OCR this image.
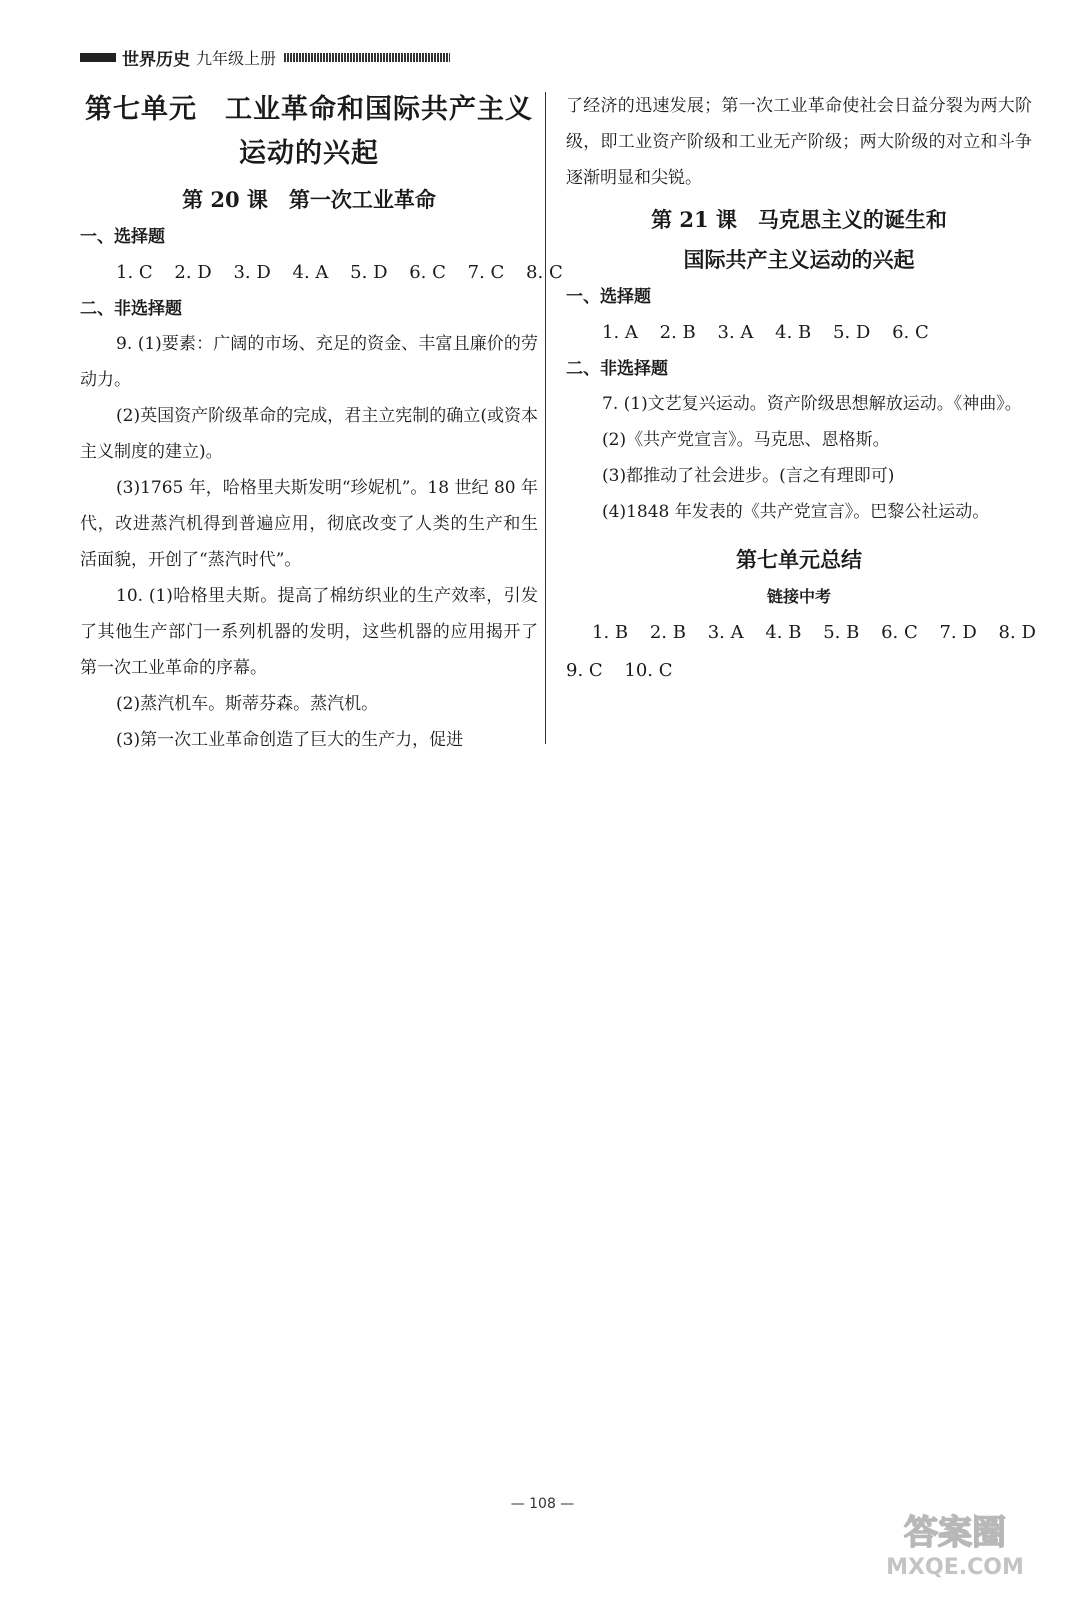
世界历史 九年级上册
第七单元　工业革命和国际共产主义
运动的兴起
第 20 课　第一次工业革命
一、选择题
1. C 2. D 3. D 4. A 5. D 6. C 7. C 8. C
二、非选择题

9. (1)要素：广阔的市场、充足的资金、丰富且廉价的劳动力。

(2)英国资产阶级革命的完成，君主立宪制的确立(或资本主义制度的建立)。

(3)1765 年，哈格里夫斯发明“珍妮机”。18 世纪 80 年代，改进蒸汽机得到普遍应用，彻底改变了人类的生产和生活面貌，开创了“蒸汽时代”。

10. (1)哈格里夫斯。提高了棉纺织业的生产效率，引发了其他生产部门一系列机器的发明，这些机器的应用揭开了第一次工业革命的序幕。

(2)蒸汽机车。斯蒂芬森。蒸汽机。

(3)第一次工业革命创造了巨大的生产力，促进

了经济的迅速发展；第一次工业革命使社会日益分裂为两大阶级，即工业资产阶级和工业无产阶级；两大阶级的对立和斗争逐渐明显和尖锐。

第 21 课　马克思主义的诞生和
国际共产主义运动的兴起
一、选择题
1. A 2. B 3. A 4. B 5. D 6. C
二、非选择题

7. (1)文艺复兴运动。资产阶级思想解放运动。《神曲》。

(2)《共产党宣言》。马克思、恩格斯。

(3)都推动了社会进步。(言之有理即可)

(4)1848 年发表的《共产党宣言》。巴黎公社运动。

第七单元总结
链接中考
1. B 2. B 3. A 4. B 5. B 6. C 7. D 8. D
9. C 10. C
— 108 —
答案圈
MXQE.COM
